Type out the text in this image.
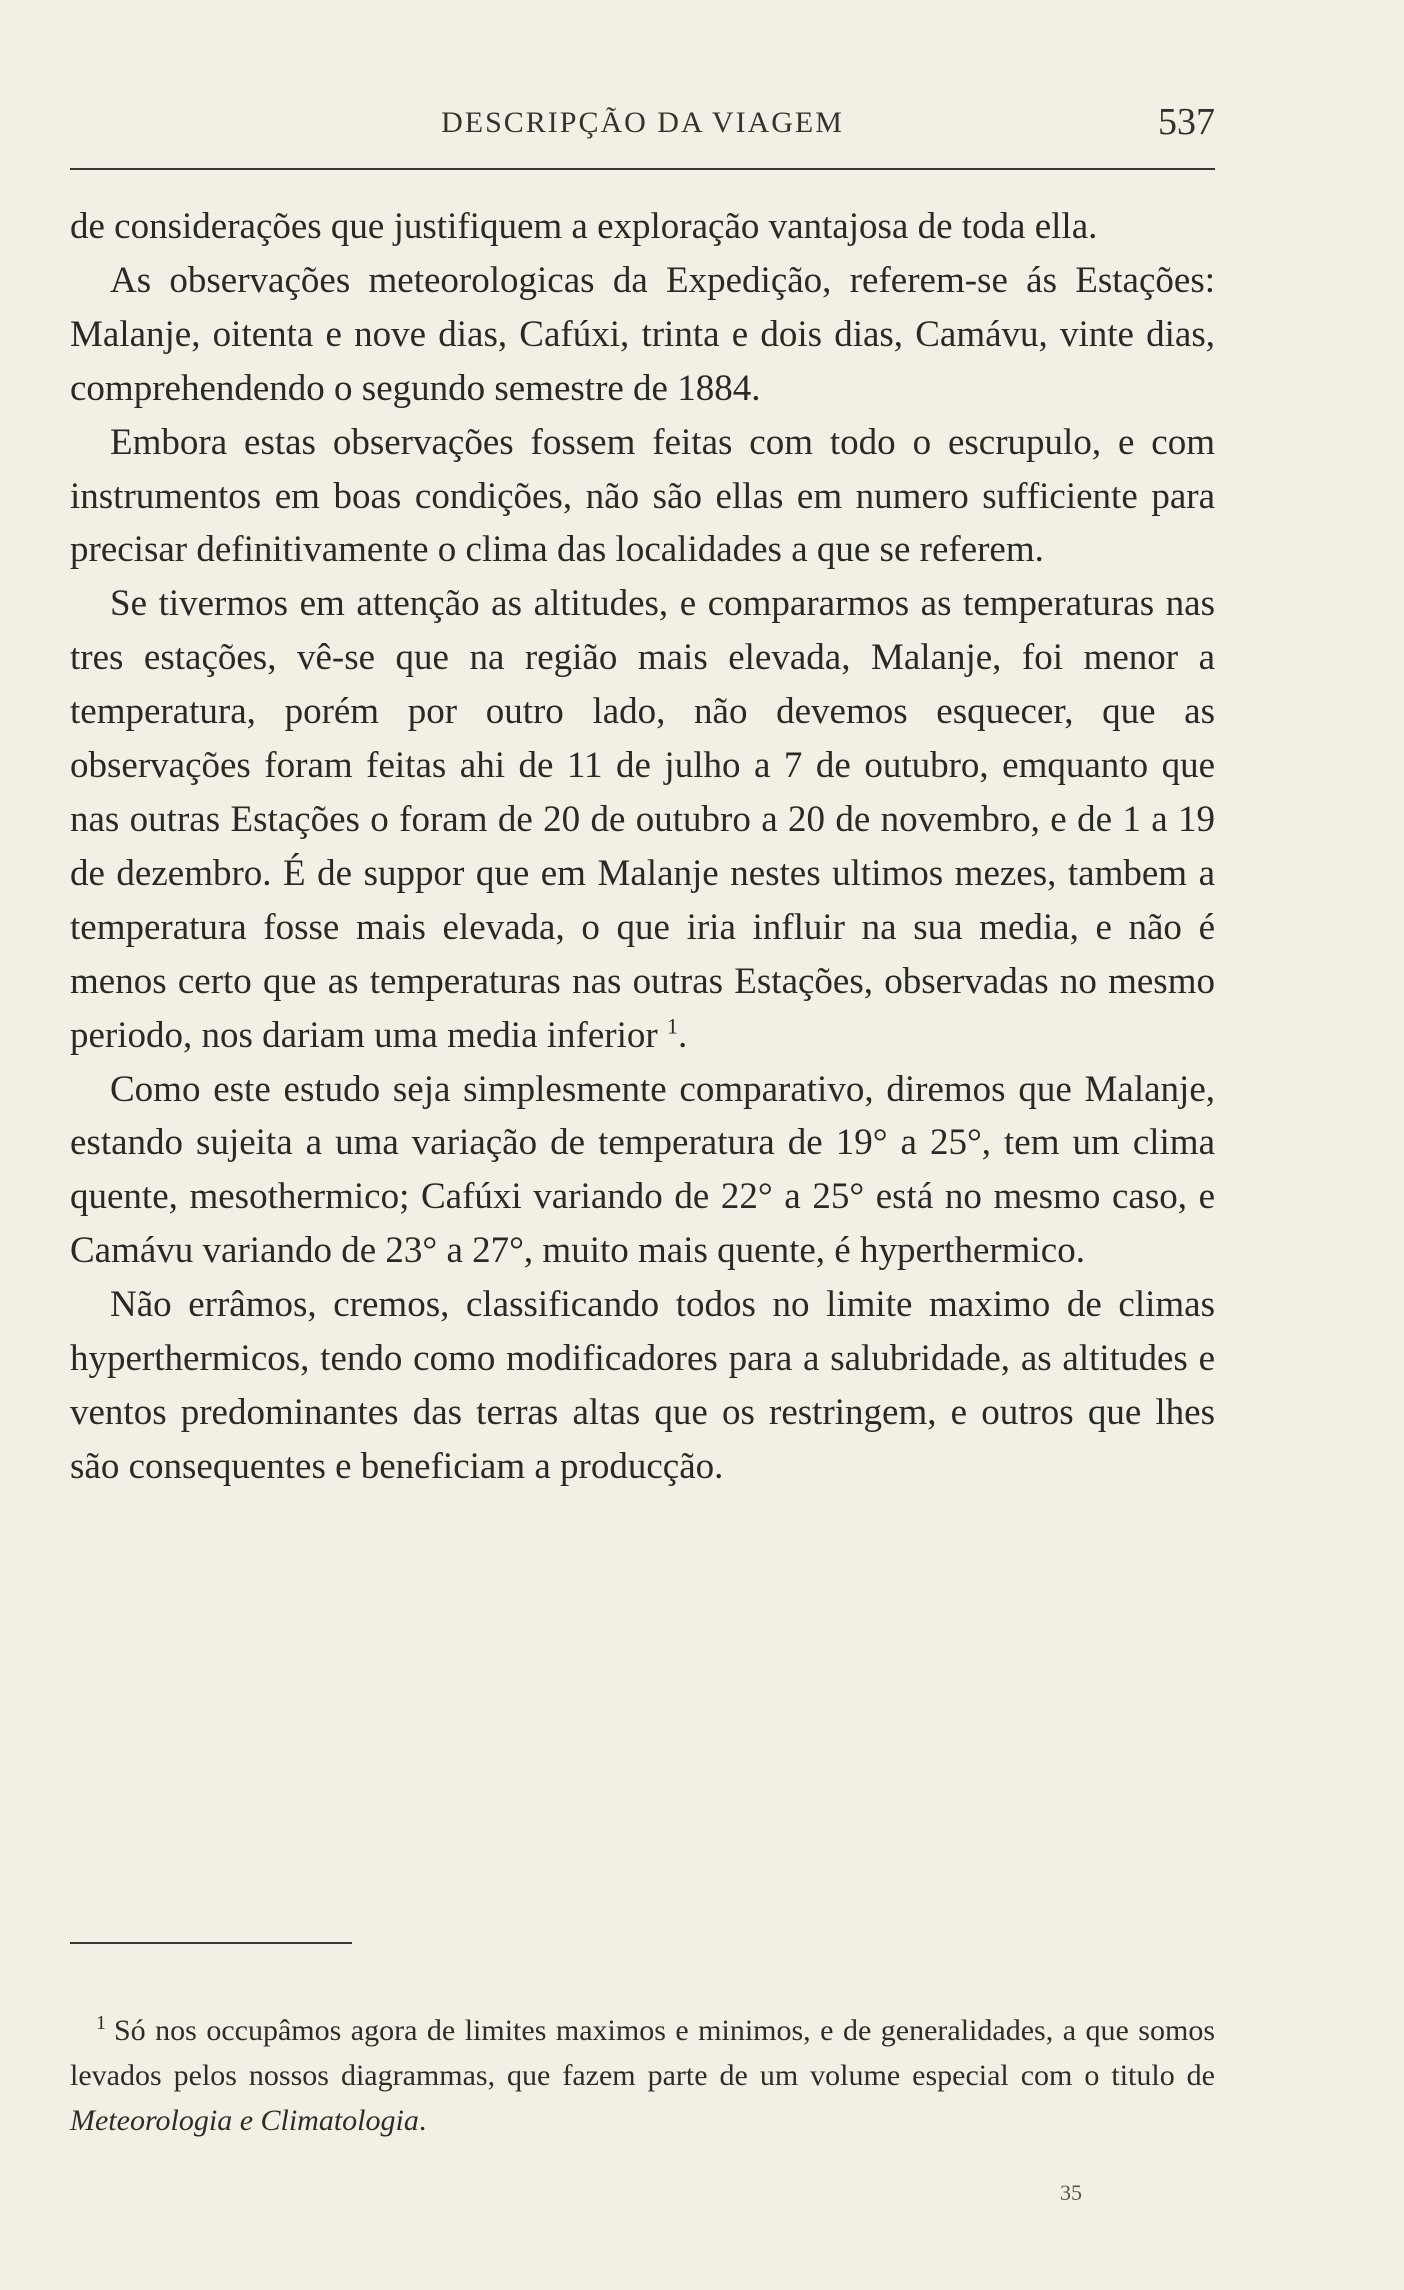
DESCRIPÇÃO DA VIAGEM	537

de considerações que justifiquem a exploração vantajosa de toda ella.

As observações meteorologicas da Expedição, referem-se ás Estações: Malanje, oitenta e nove dias, Cafúxi, trinta e dois dias, Camávu, vinte dias, comprehendendo o segundo semestre de 1884.

Embora estas observações fossem feitas com todo o escrupulo, e com instrumentos em boas condições, não são ellas em numero sufficiente para precisar definitivamente o clima das localidades a que se referem.

Se tivermos em attenção as altitudes, e compararmos as temperaturas nas tres estações, vê-se que na região mais elevada, Malanje, foi menor a temperatura, porém por outro lado, não devemos esquecer, que as observações foram feitas ahi de 11 de julho a 7 de outubro, emquanto que nas outras Estações o foram de 20 de outubro a 20 de novembro, e de 1 a 19 de dezembro. É de suppor que em Malanje nestes ultimos mezes, tambem a temperatura fosse mais elevada, o que iria influir na sua media, e não é menos certo que as temperaturas nas outras Estações, observadas no mesmo periodo, nos dariam uma media inferior $^1$.

Como este estudo seja simplesmente comparativo, diremos que Malanje, estando sujeita a uma variação de temperatura de 19° a 25°, tem um clima quente, mesothermico; Cafúxi variando de 22° a 25° está no mesmo caso, e Camávu variando de 23° a 27°, muito mais quente, é hyperthermico.

Não errâmos, cremos, classificando todos no limite maximo de climas hyperthermicos, tendo como modificadores para a salubridade, as altitudes e ventos predominantes das terras altas que os restringem, e outros que lhes são consequentes e beneficiam a producção.

$^1$ Só nos occupâmos agora de limites maximos e minimos, e de generalidades, a que somos levados pelos nossos diagrammas, que fazem parte de um volume especial com o titulo de Meteorologia e Climatologia.

35
